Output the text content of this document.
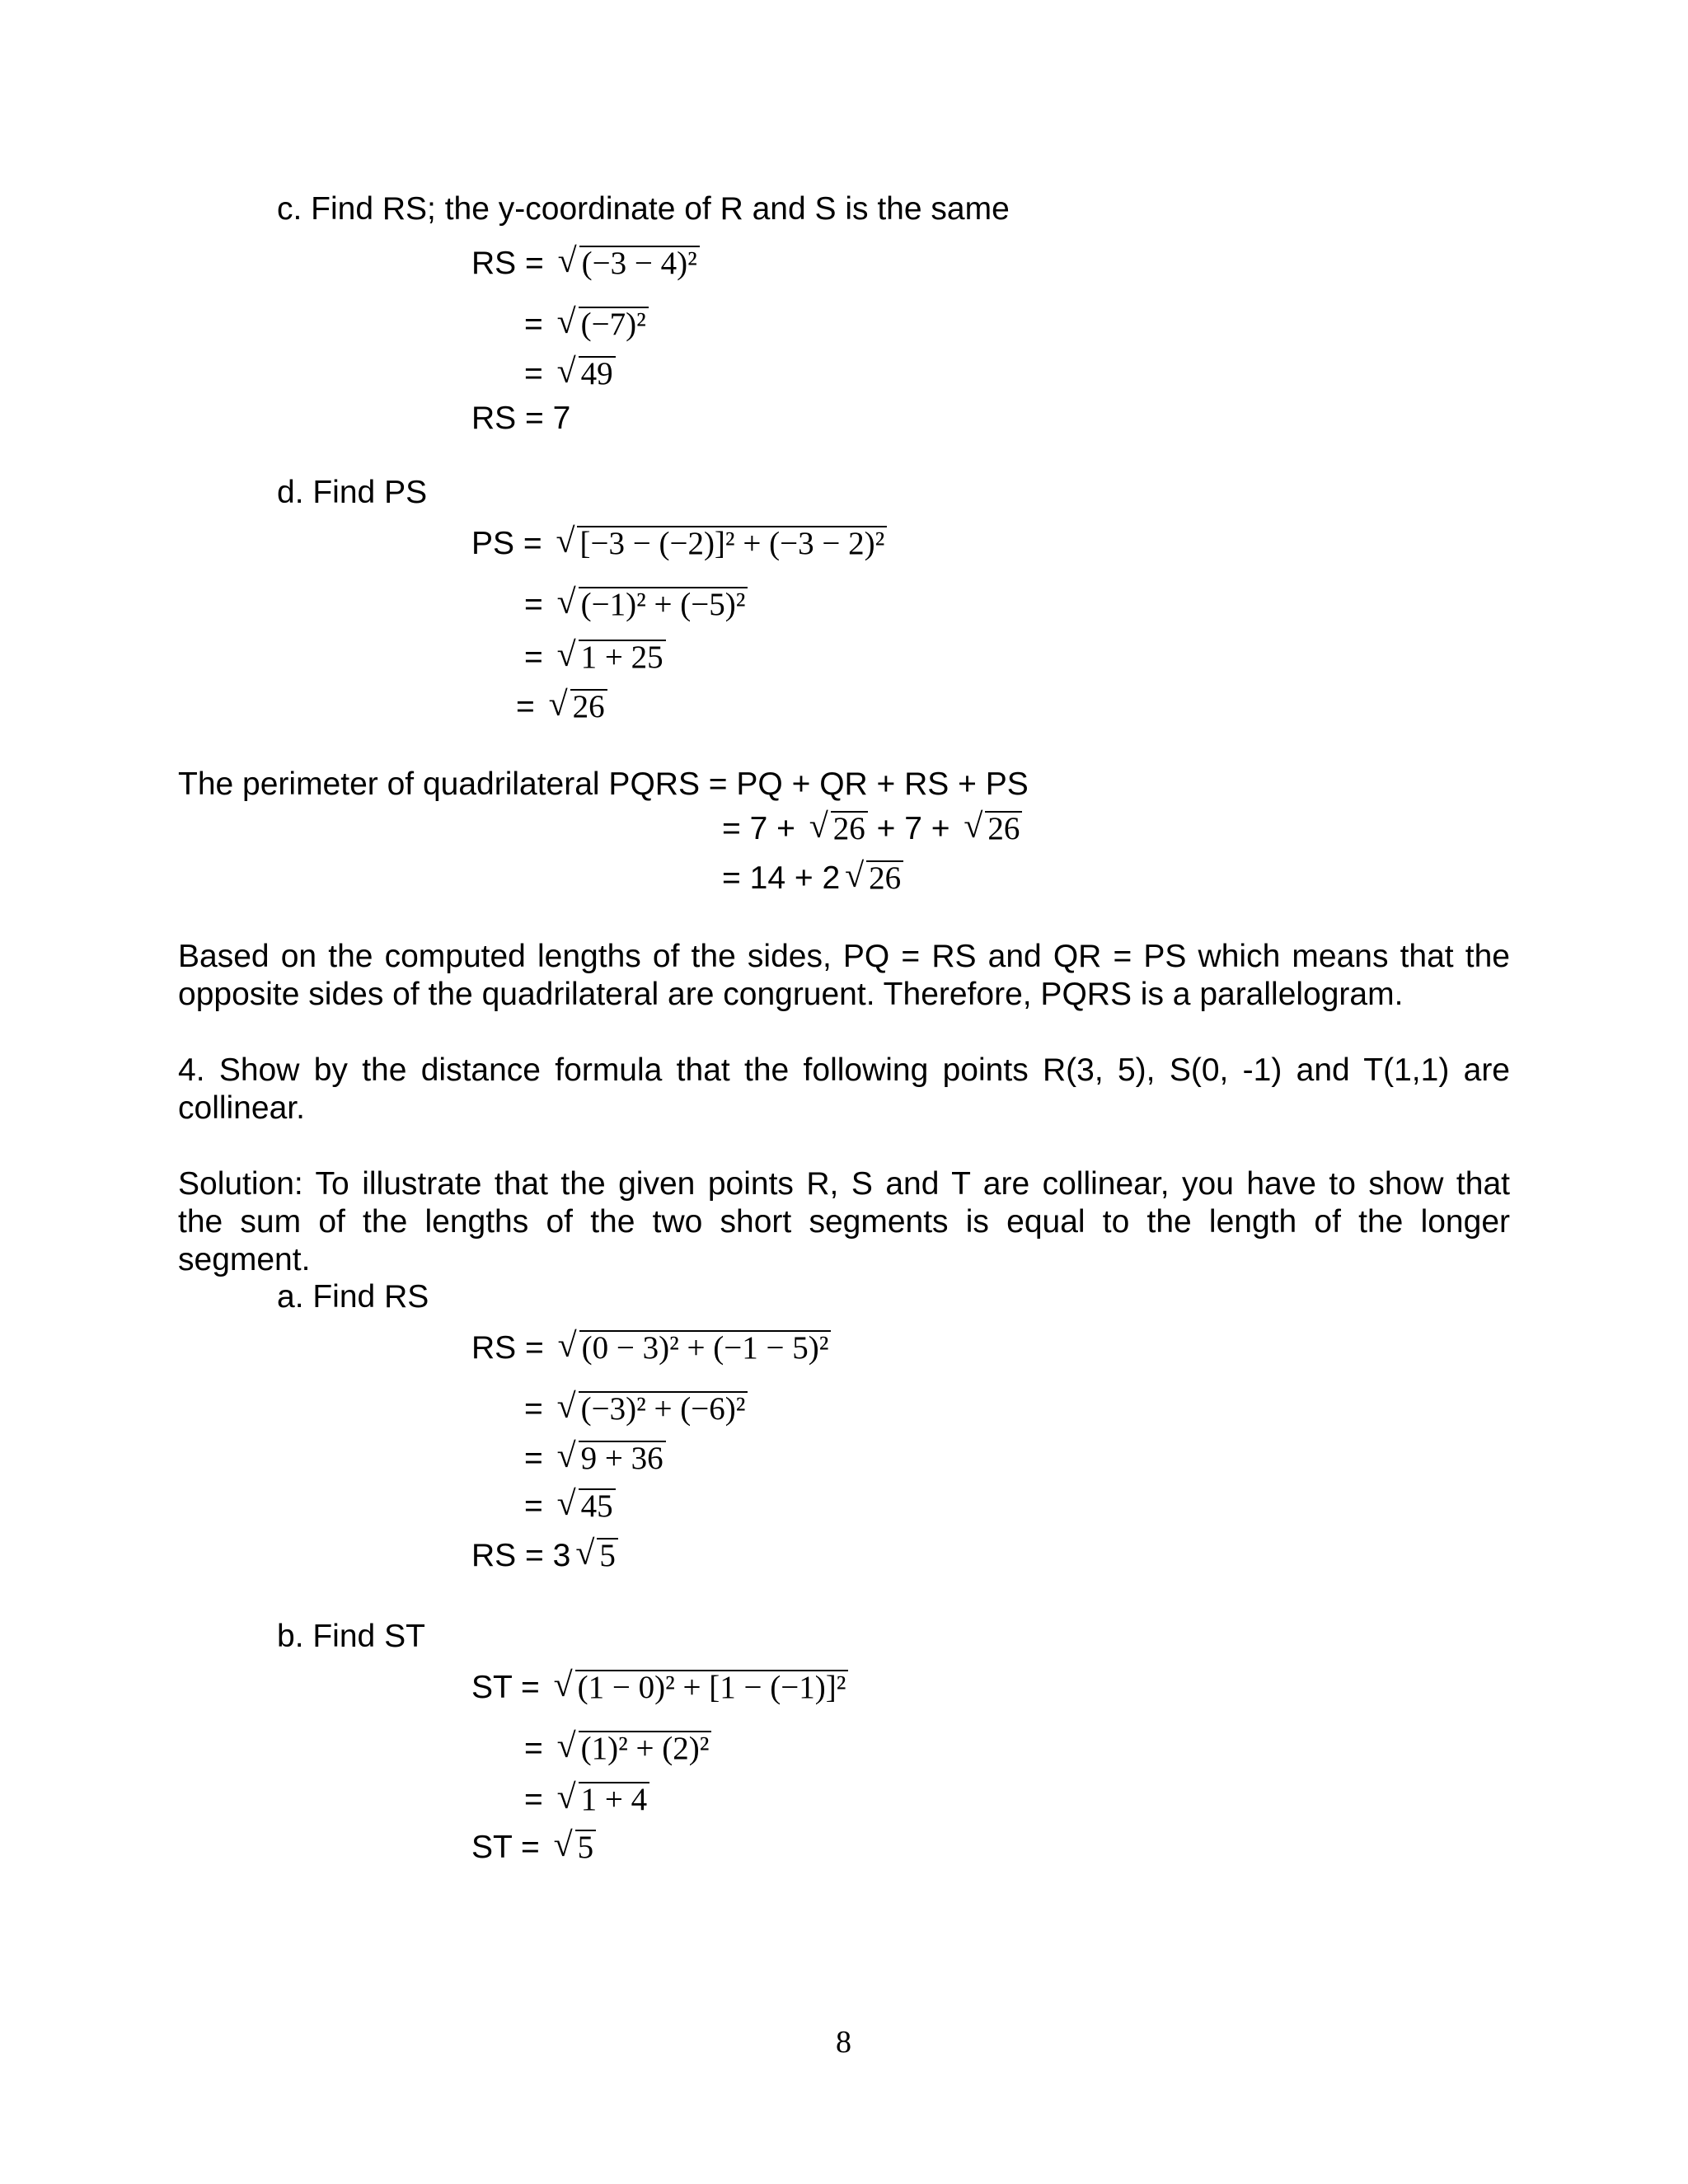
c. Find RS; the y-coordinate of R and S is the same
RS = √ (−3 − 4)²
= √ (−7)²
= √ 49
RS = 7
d. Find PS
PS = √ [−3 − (−2)]² + (−3 − 2)²
= √ (−1)² + (−5)²
= √ 1 + 25
= √ 26
The perimeter of quadrilateral PQRS = PQ + QR + RS + PS
= 7 + √ 26 + 7 + √ 26
= 14 + 2 √ 26
Based on the computed lengths of the sides, PQ = RS and QR = PS which means that the
opposite sides of the quadrilateral are congruent. Therefore, PQRS is a parallelogram.
4. Show by the distance formula that the following points R(3, 5), S(0, -1) and T(1,1) are
collinear.
Solution: To illustrate that the given points R, S and T are collinear, you have to show that
the sum of the lengths of the two short segments is equal to the length of the longer
segment.
a. Find RS
RS = √ (0 − 3)² + (−1 − 5)²
= √ (−3)² + (−6)²
= √ 9 + 36
= √ 45
RS = 3 √ 5
b. Find ST
ST = √ (1 − 0)² + [1 − (−1)]²
= √ (1)² + (2)²
= √ 1 + 4
ST = √ 5
8
